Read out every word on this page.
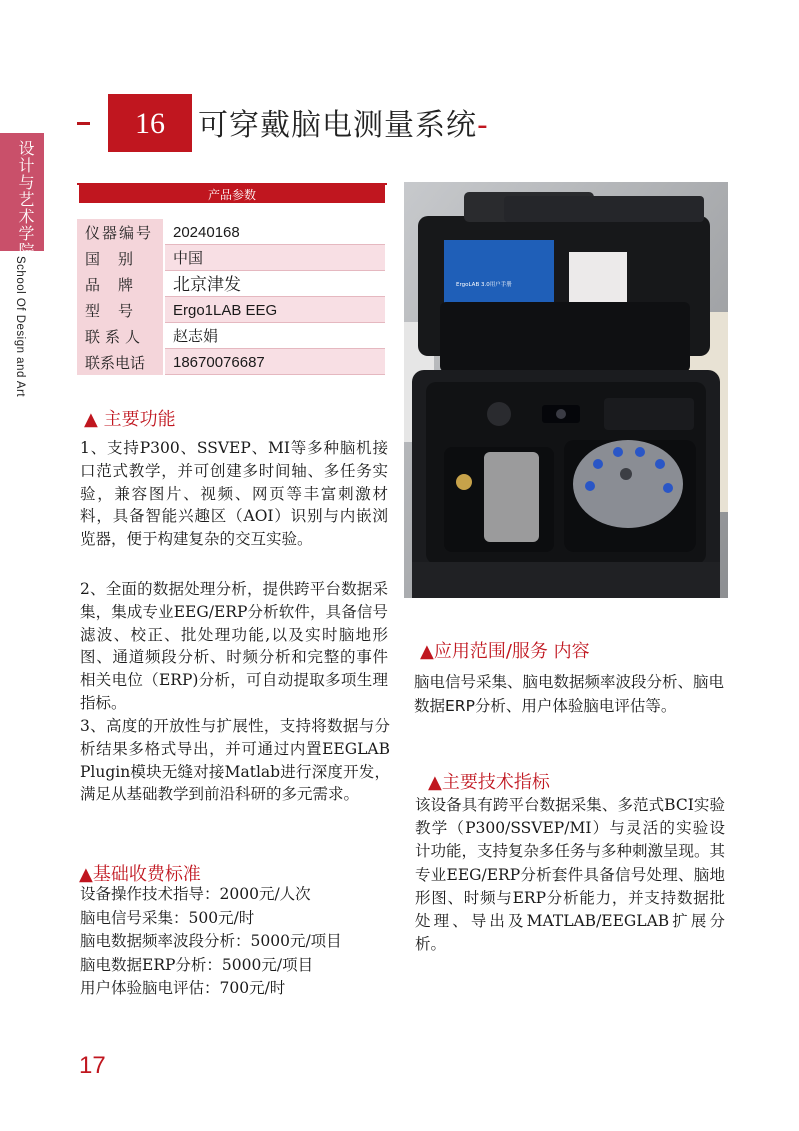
设计与艺术学院
School Of Design and Art
16	可穿戴脑电测量系统-
产品参数
仪器编号	20240168
国别	中国
品牌	北京津发
型号	Ergo1LAB EEG
联系人	赵志娟
联系电话	18670076687
▲ 主要功能
1、支持P300、SSVEP、MI等多种脑机接口范式教学，并可创建多时间轴、多任务实验，兼容图片、视频、网页等丰富刺激材料，具备智能兴趣区（AOI）识别与内嵌浏览器，便于构建复杂的交互实验。
2、全面的数据处理分析，提供跨平台数据采集，集成专业EEG/ERP分析软件，具备信号滤波、校正、批处理功能,以及实时脑地形图、通道频段分析、时频分析和完整的事件相关电位（ERP)分析，可自动提取多项生理指标。
3、高度的开放性与扩展性，支持将数据与分析结果多格式导出，并可通过内置EEGLAB Plugin模块无缝对接Matlab进行深度开发，满足从基础教学到前沿科研的多元需求。
▲基础收费标准
设备操作技术指导：2000元/人次
脑电信号采集：500元/时
脑电数据频率波段分析：5000元/项目
脑电数据ERP分析：5000元/项目
用户体验脑电评估：700元/时
ErgoLAB 3.0用户手册
▲应用范围/服务 内容
脑电信号采集、脑电数据频率波段分析、脑电数据ERP分析、用户体验脑电评估等。
▲主要技术指标
该设备具有跨平台数据采集、多范式BCI实验教学（P300/SSVEP/MI）与灵活的实验设计功能，支持复杂多任务与多种刺激呈现。其专业EEG/ERP分析套件具备信号处理、脑地形图、时频与ERP分析能力，并支持数据批处理、导出及MATLAB/EEGLAB扩展分析。
17
